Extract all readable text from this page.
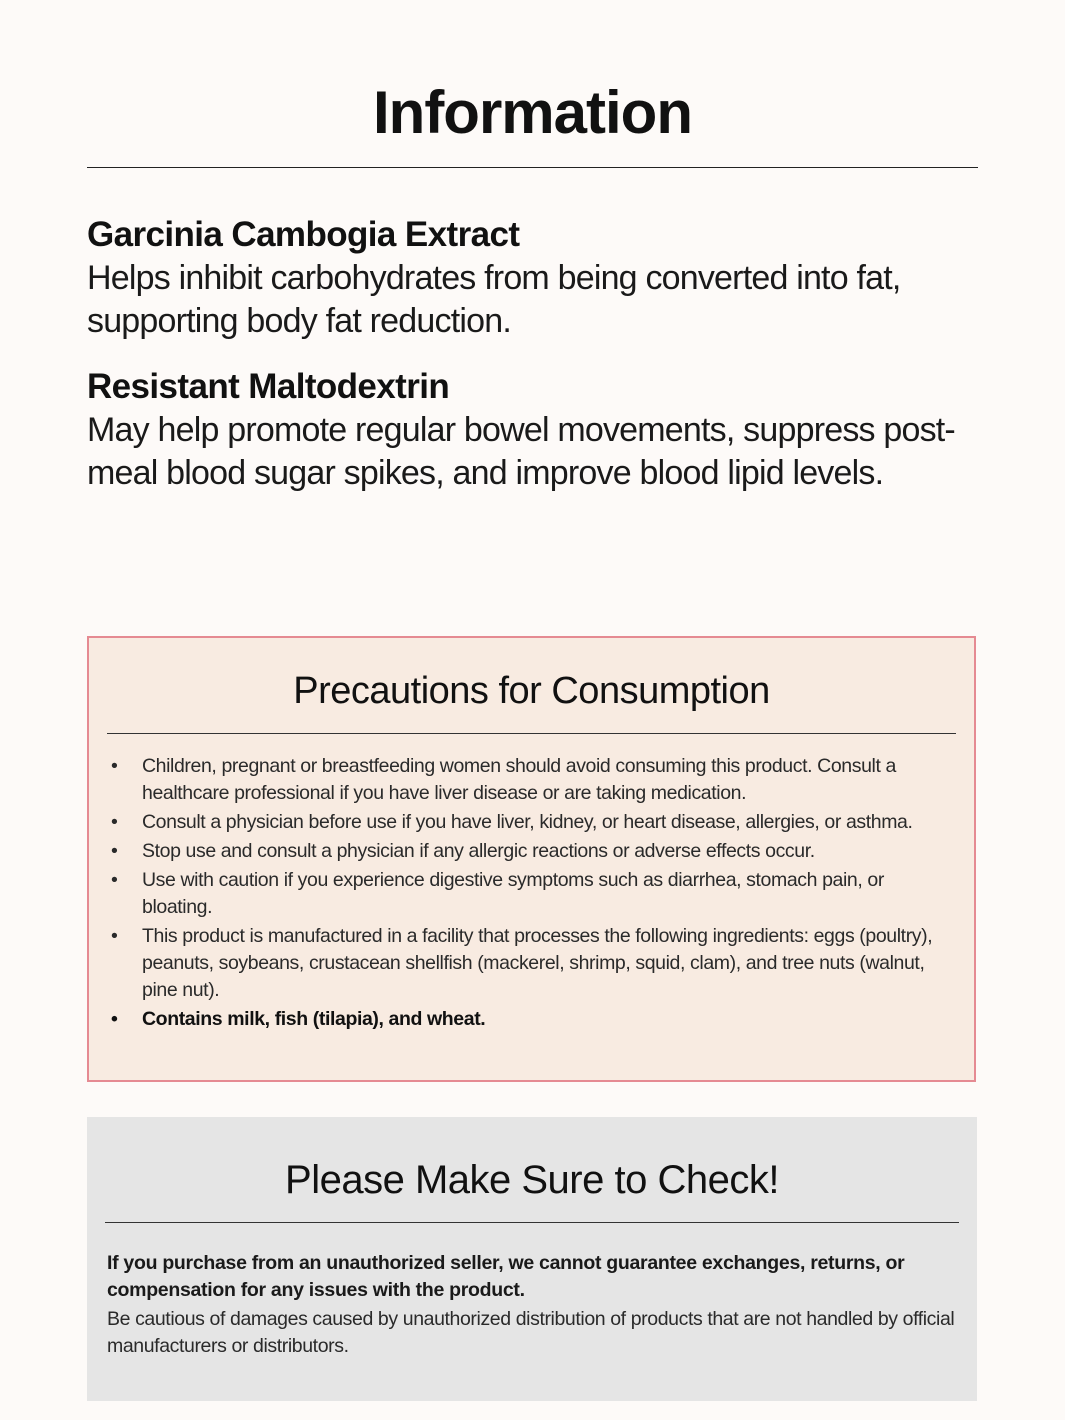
Information

Garcinia Cambogia Extract

Helps inhibit carbohydrates from being converted into fat, supporting body fat reduction.

Resistant Maltodextrin

May help promote regular bowel movements, suppress post-meal blood sugar spikes, and improve blood lipid levels.

Precautions for Consumption
• Children, pregnant or breastfeeding women should avoid consuming this product. Consult a healthcare professional if you have liver disease or are taking medication.
• Consult a physician before use if you have liver, kidney, or heart disease, allergies, or asthma.
• Stop use and consult a physician if any allergic reactions or adverse effects occur.
• Use with caution if you experience digestive symptoms such as diarrhea, stomach pain, or bloating.
• This product is manufactured in a facility that processes the following ingredients: eggs (poultry), peanuts, soybeans, crustacean shellfish (mackerel, shrimp, squid, clam), and tree nuts (walnut, pine nut).
• Contains milk, fish (tilapia), and wheat.
Please Make Sure to Check!

If you purchase from an unauthorized seller, we cannot guarantee exchanges, returns, or compensation for any issues with the product.

Be cautious of damages caused by unauthorized distribution of products that are not handled by official manufacturers or distributors.
